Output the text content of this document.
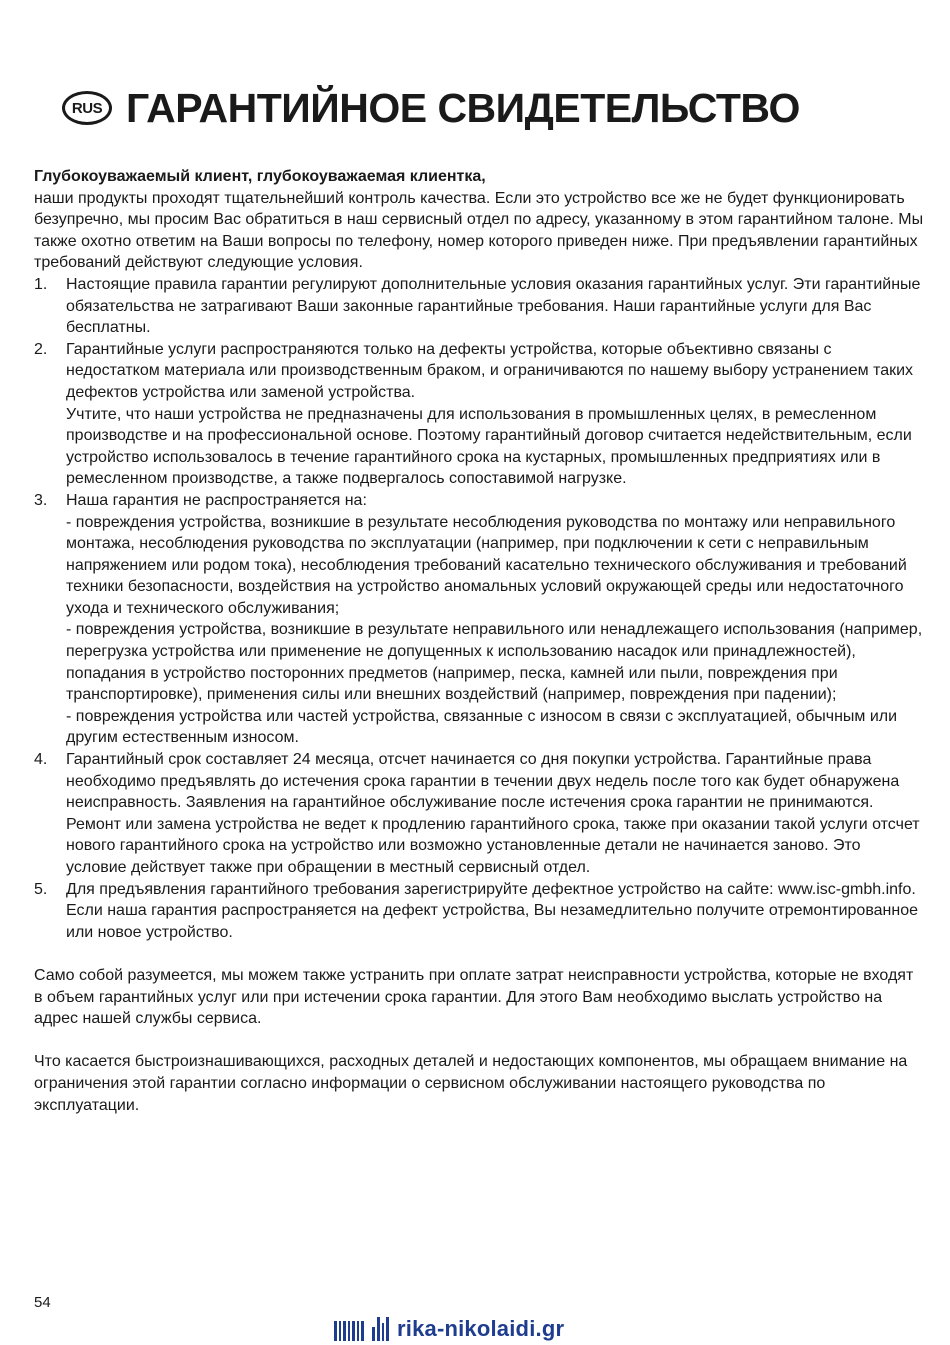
RUS ГАРАНТИЙНОЕ СВИДЕТЕЛЬСТВО

Глубокоуважаемый клиент, глубокоуважаемая клиентка,

наши продукты проходят тщательнейший контроль качества. Если это устройство все же не будет функционировать безупречно, мы просим Вас обратиться в наш сервисный отдел по адресу, указанному в этом гарантийном талоне. Мы также охотно ответим на Ваши вопросы по телефону, номер которого приведен ниже. При предъявлении гарантийных требований действуют следующие условия.

1. Настоящие правила гарантии регулируют дополнительные условия оказания гарантийных услуг. Эти гарантийные обязательства не затрагивают Ваши законные гарантийные требования. Наши гарантийные услуги для Вас бесплатны.

2. Гарантийные услуги распространяются только на дефекты устройства, которые объективно связаны с недостатком материала или производственным браком, и ограничиваются по нашему выбору устранением таких дефектов устройства или заменой устройства.

Учтите, что наши устройства не предназначены для использования в промышленных целях, в ремесленном производстве и на профессиональной основе. Поэтому гарантийный договор считается недействительным, если устройство использовалось в течение гарантийного срока на кустарных, промышленных предприятиях или в ремесленном производстве, а также подвергалось сопоставимой нагрузке.

3. Наша гарантия не распространяется на:

- повреждения устройства, возникшие в результате несоблюдения руководства по монтажу или неправильного монтажа, несоблюдения руководства по эксплуатации (например, при подключении к сети с неправильным напряжением или родом тока), несоблюдения требований касательно технического обслуживания и требований техники безопасности, воздействия на устройство аномальных условий окружающей среды или недостаточного ухода и технического обслуживания;

- повреждения устройства, возникшие в результате неправильного или ненадлежащего использования (например, перегрузка устройства или применение не допущенных к использованию насадок или принадлежностей), попадания в устройство посторонних предметов (например, песка, камней или пыли, повреждения при транспортировке), применения силы или внешних воздействий (например, повреждения при падении);

- повреждения устройства или частей устройства, связанные с износом в связи с эксплуатацией, обычным или другим естественным износом.

4. Гарантийный срок составляет 24 месяца, отсчет начинается со дня покупки устройства. Гарантийные права необходимо предъявлять до истечения срока гарантии в течении двух недель после того как будет обнаружена неисправность. Заявления на гарантийное обслуживание после истечения срока гарантии не принимаются. Ремонт или замена устройства не ведет к продлению гарантийного срока, также при оказании такой услуги отсчет нового гарантийного срока на устройство или возможно установленные детали не начинается заново. Это условие действует также при обращении в местный сервисный отдел.

5. Для предъявления гарантийного требования зарегистрируйте дефектное устройство на сайте: www.isc-gmbh.info. Если наша гарантия распространяется на дефект устройства, Вы незамедлительно получите отремонтированное или новое устройство.

Само собой разумеется, мы можем также устранить при оплате затрат неисправности устройства, которые не входят в объем гарантийных услуг или при истечении срока гарантии. Для этого Вам необходимо выслать устройство на адрес нашей службы сервиса.

Что касается быстроизнашивающихся, расходных деталей и недостающих компонентов, мы обращаем внимание на ограничения этой гарантии согласно информации о сервисном обслуживании настоящего руководства по эксплуатации.

54
rika-nikolaidi.gr
